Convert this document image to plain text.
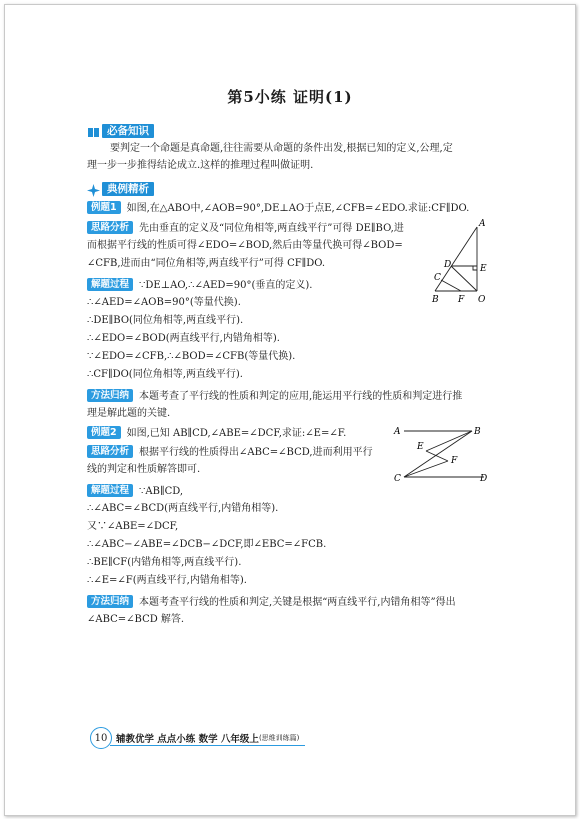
第5小练 证明(1)
必备知识
要判定一个命题是真命题,往往需要从命题的条件出发,根据已知的定义,公理,定
理一步一步推得结论成立.这样的推理过程叫做证明.
典例精析
例题1 如图,在△ABO中,∠AOB=90°,DE⊥AO于点E,∠CFB=∠EDO.求证:CF∥DO.
思路分析 先由垂直的定义及“同位角相等,两直线平行”可得 DE∥BO,进
而根据平行线的性质可得∠EDO=∠BOD,然后由等量代换可得∠BOD=
∠CFB,进而由“同位角相等,两直线平行”可得 CF∥DO.
解题过程 ∵DE⊥AO,∴∠AED=90°(垂直的定义).
∴∠AED=∠AOB=90°(等量代换).
∴DE∥BO(同位角相等,两直线平行).
∴∠EDO=∠BOD(两直线平行,内错角相等).
∵∠EDO=∠CFB,∴∠BOD=∠CFB(等量代换).
∴CF∥DO(同位角相等,两直线平行).
方法归纳 本题考查了平行线的性质和判定的应用,能运用平行线的性质和判定进行推
理是解此题的关键.
A
D	E
C
B F O
例题2 如图,已知 AB∥CD,∠ABE=∠DCF,求证:∠E=∠F.
思路分析 根据平行线的性质得出∠ABC=∠BCD,进而利用平行
线的判定和性质解答即可.
解题过程 ∵AB∥CD,
∴∠ABC=∠BCD(两直线平行,内错角相等).
又∵∠ABE=∠DCF,
∴∠ABC−∠ABE=∠DCB−∠DCF,即∠EBC=∠FCB.
∴BE∥CF(内错角相等,两直线平行).
∴∠E=∠F(两直线平行,内错角相等).
方法归纳 本题考查平行线的性质和判定,关键是根据“两直线平行,内错角相等”得出
∠ABC=∠BCD 解答.
A	B
E
F
C	D
10 辅教优学 点点小练 数学 八年级上 (思维训练篇)
